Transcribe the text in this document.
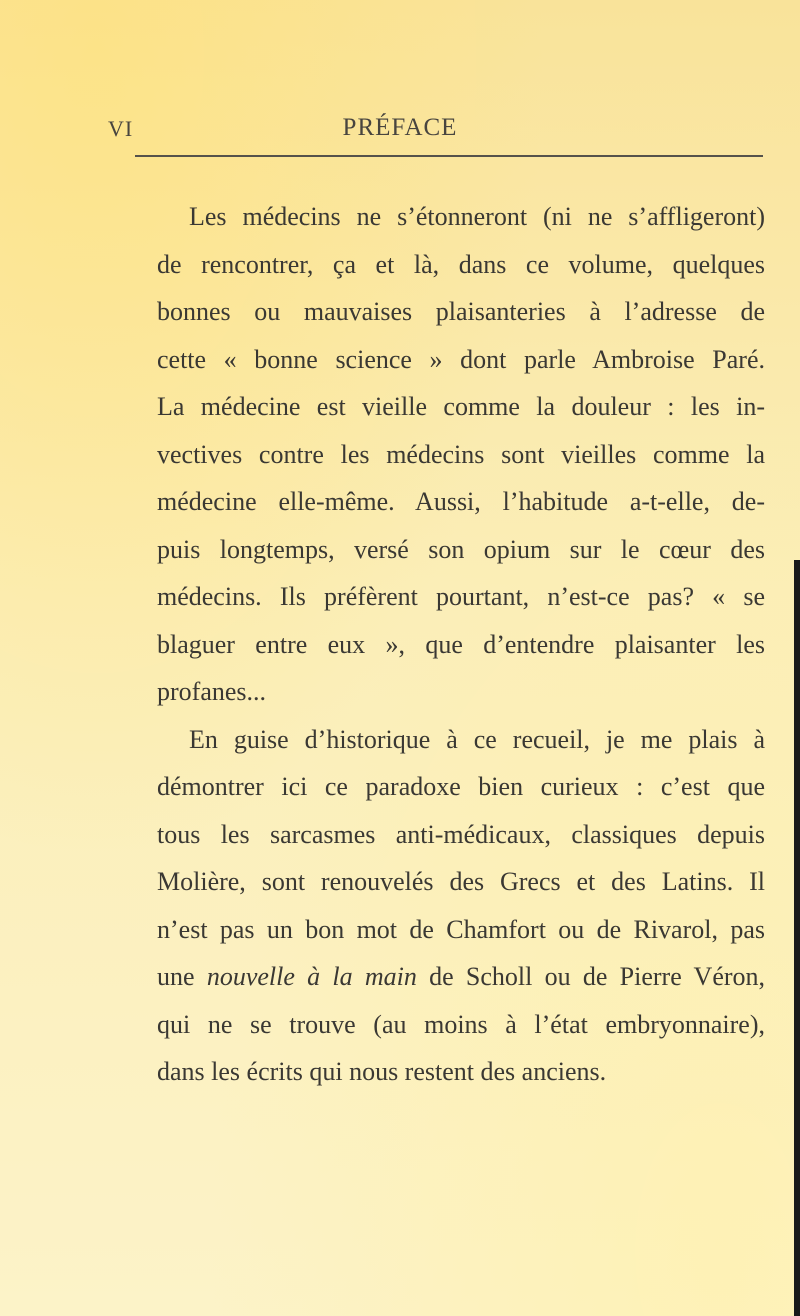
VI	PRÉFACE
Les médecins ne s’étonneront (ni ne s’affligeront)
de rencontrer, ça et là, dans ce volume, quelques
bonnes ou mauvaises plaisanteries à l’adresse de
cette « bonne science » dont parle Ambroise Paré.
La médecine est vieille comme la douleur : les in-
vectives contre les médecins sont vieilles comme la
médecine elle-même. Aussi, l’habitude a-t-elle, de-
puis longtemps, versé son opium sur le cœur des
médecins. Ils préfèrent pourtant, n’est-ce pas? « se
blaguer entre eux », que d’entendre plaisanter les
profanes...
En guise d’historique à ce recueil, je me plais à
démontrer ici ce paradoxe bien curieux : c’est que
tous les sarcasmes anti-médicaux, classiques depuis
Molière, sont renouvelés des Grecs et des Latins. Il
n’est pas un bon mot de Chamfort ou de Rivarol, pas
une nouvelle à la main de Scholl ou de Pierre Véron,
qui ne se trouve (au moins à l’état embryonnaire),
dans les écrits qui nous restent des anciens.
